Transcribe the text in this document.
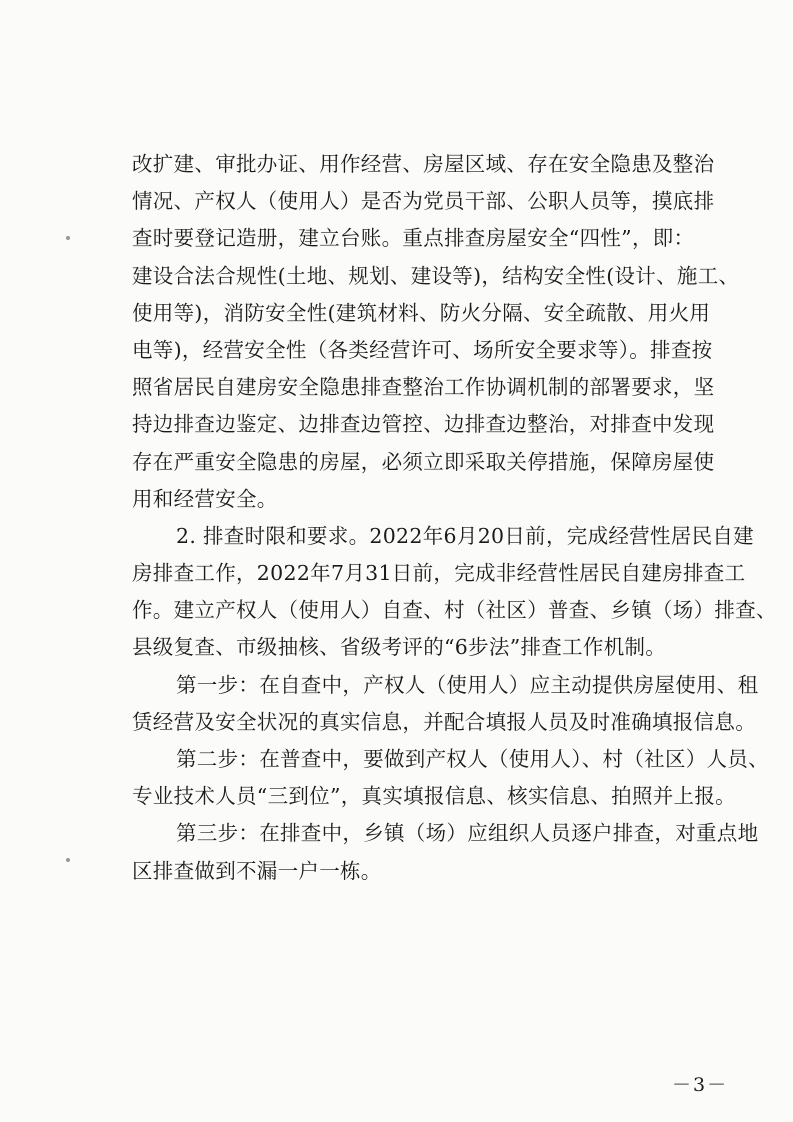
改扩建、审批办证、用作经营、房屋区域、存在安全隐患及整治
情况、产权人（使用人）是否为党员干部、公职人员等，摸底排
查时要登记造册，建立台账。重点排查房屋安全“四性”，即：
建设合法合规性(土地、规划、建设等)，结构安全性(设计、施工、
使用等)，消防安全性(建筑材料、防火分隔、安全疏散、用火用
电等)，经营安全性（各类经营许可、场所安全要求等）。排查按
照省居民自建房安全隐患排查整治工作协调机制的部署要求，坚
持边排查边鉴定、边排查边管控、边排查边整治，对排查中发现
存在严重安全隐患的房屋，必须立即采取关停措施，保障房屋使
用和经营安全。
2. 排查时限和要求。2022年6月20日前，完成经营性居民自建
房排查工作，2022年7月31日前，完成非经营性居民自建房排查工
作。建立产权人（使用人）自查、村（社区）普查、乡镇（场）排查、
县级复查、市级抽核、省级考评的“6步法”排查工作机制。
第一步：在自查中，产权人（使用人）应主动提供房屋使用、租
赁经营及安全状况的真实信息，并配合填报人员及时准确填报信息。
第二步：在普查中，要做到产权人（使用人）、村（社区）人员、
专业技术人员“三到位”，真实填报信息、核实信息、拍照并上报。
第三步：在排查中，乡镇（场）应组织人员逐户排查，对重点地
区排查做到不漏一户一栋。
－3－
